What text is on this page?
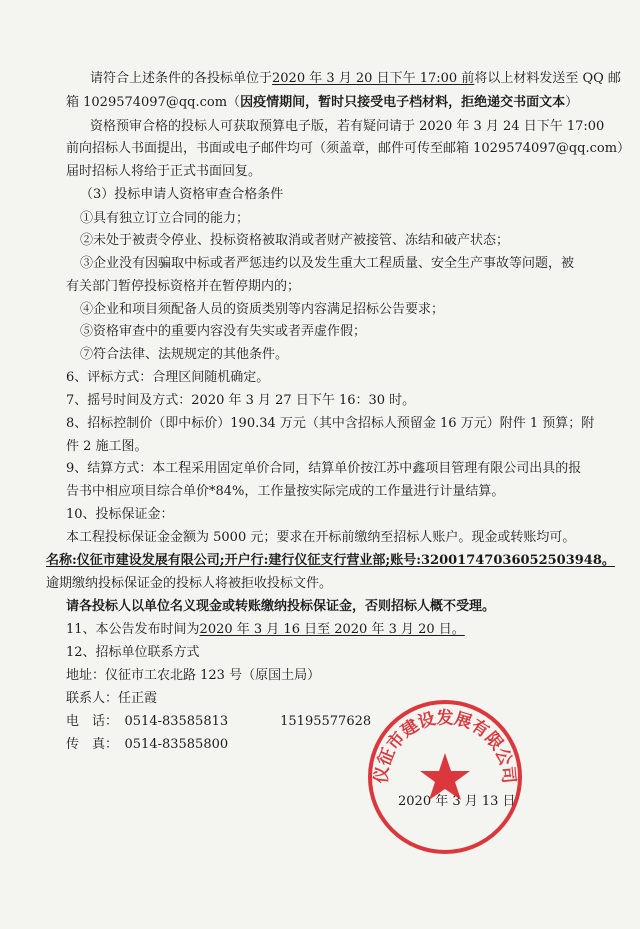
请符合上述条件的各投标单位于2020 年 3 月 20 日下午 17:00 前将以上材料发送至 QQ 邮
箱 1029574097@qq.com（因疫情期间，暂时只接受电子档材料，拒绝递交书面文本）
资格预审合格的投标人可获取预算电子版，若有疑问请于 2020 年 3 月 24 日下午 17:00
前向招标人书面提出，书面或电子邮件均可（须盖章，邮件可传至邮箱 1029574097@qq.com）
届时招标人将给于正式书面回复。
（3）投标申请人资格审查合格条件
①具有独立订立合同的能力；
②未处于被责令停业、投标资格被取消或者财产被接管、冻结和破产状态；
③企业没有因骗取中标或者严惩违约以及发生重大工程质量、安全生产事故等问题，被
有关部门暂停投标资格并在暂停期内的；
④企业和项目须配备人员的资质类别等内容满足招标公告要求；
⑤资格审查中的重要内容没有失实或者弄虚作假；
⑦符合法律、法规规定的其他条件。
6、评标方式：合理区间随机确定。
7、摇号时间及方式：2020 年 3 月 27 日下午 16：30 时。
8、招标控制价（即中标价）190.34 万元（其中含招标人预留金 16 万元）附件 1 预算；附
件 2 施工图。
9、结算方式：本工程采用固定单价合同，结算单价按江苏中鑫项目管理有限公司出具的报
告书中相应项目综合单价*84%，工作量按实际完成的工作量进行计量结算。
10、投标保证金：
本工程投标保证金金额为 5000 元；要求在开标前缴纳至招标人账户。现金或转账均可。
名称:仪征市建设发展有限公司;开户行:建行仪征支行营业部;账号:32001747036052503948。
逾期缴纳投标保证金的投标人将被拒收投标文件。
请各投标人以单位名义现金或转账缴纳投标保证金，否则招标人概不受理。
11、本公告发布时间为2020 年 3 月 16 日至 2020 年 3 月 20 日。
12、招标单位联系方式
地址：仪征市工农北路 123 号（原国土局）
联系人：任正霞
电　话：　0514-83585813　　　　15195577628
传　真：　0514-83585800
2020 年 3 月 13 日
仪征市建设发展有限公司
